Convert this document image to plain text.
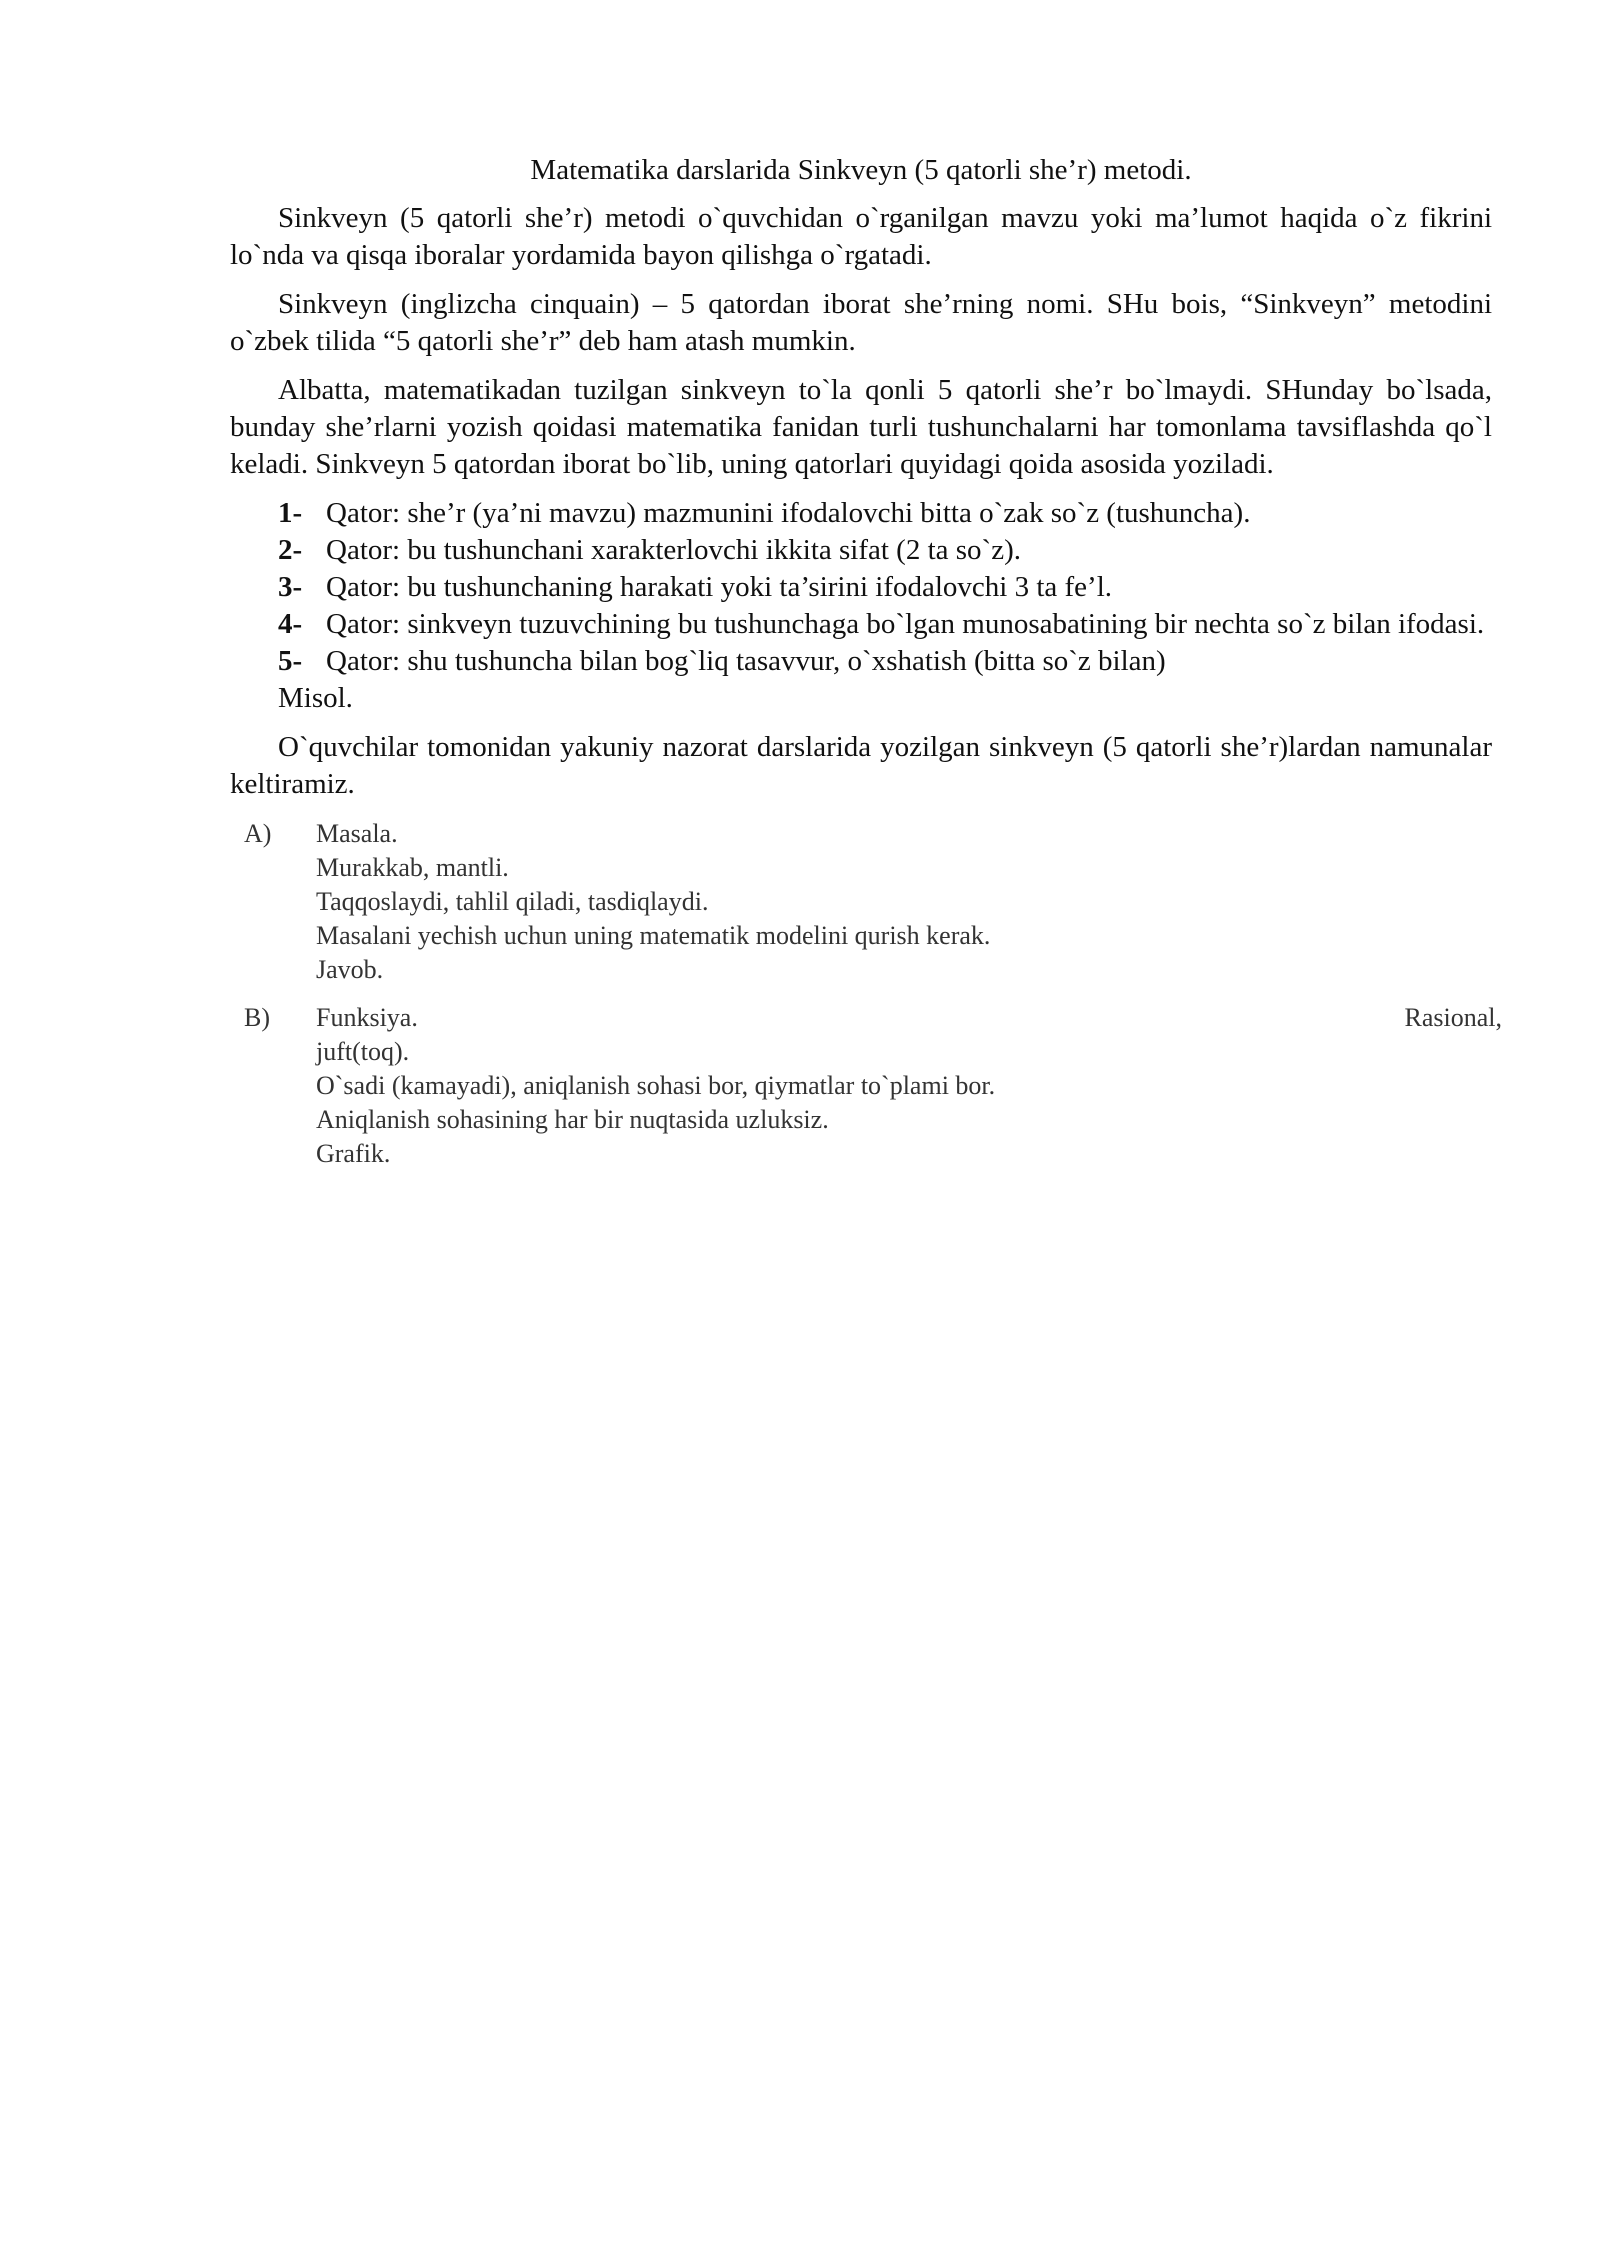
Matematika darslarida Sinkveyn (5 qatorli she’r) metodi.

Sinkveyn (5 qatorli she’r) metodi o`quvchidan o`rganilgan mavzu yoki ma’lumot haqida o`z fikrini lo`nda va qisqa iboralar yordamida bayon qilishga o`rgatadi.

Sinkveyn (inglizcha cinquain) – 5 qatordan iborat she’rning nomi. SHu bois, “Sinkveyn” metodini o`zbek tilida “5 qatorli she’r” deb ham atash mumkin.

Albatta, matematikadan tuzilgan sinkveyn to`la qonli 5 qatorli she’r bo`lmaydi. SHunday bo`lsada, bunday she’rlarni yozish qoidasi matematika fanidan turli tushunchalarni har tomonlama tavsiflashda qo`l keladi. Sinkveyn 5 qatordan iborat bo`lib, uning qatorlari quyidagi qoida asosida yoziladi.

1- Qator: she’r (ya’ni mavzu) mazmunini ifodalovchi bitta o`zak so`z (tushuncha).
2- Qator: bu tushunchani xarakterlovchi ikkita sifat (2 ta so`z).
3- Qator: bu tushunchaning harakati yoki ta’sirini ifodalovchi 3 ta fe’l.
4- Qator: sinkveyn tuzuvchining bu tushunchaga bo`lgan munosabatining bir nechta so`z bilan ifodasi.
5- Qator: shu tushuncha bilan bog`liq tasavvur, o`xshatish (bitta so`z bilan)
Misol.

O`quvchilar tomonidan yakuniy nazorat darslarida yozilgan sinkveyn (5 qatorli she’r)lardan namunalar keltiramiz.

A)	Masala.
Murakkab, mantli.
Taqqoslaydi, tahlil qiladi, tasdiqlaydi.
Masalani yechish uchun uning matematik modelini qurish kerak.
Javob.
B)	Rasional,
Funksiya.
juft(toq).
O`sadi (kamayadi), aniqlanish sohasi bor, qiymatlar to`plami bor.
Aniqlanish sohasining har bir nuqtasida uzluksiz.
Grafik.
